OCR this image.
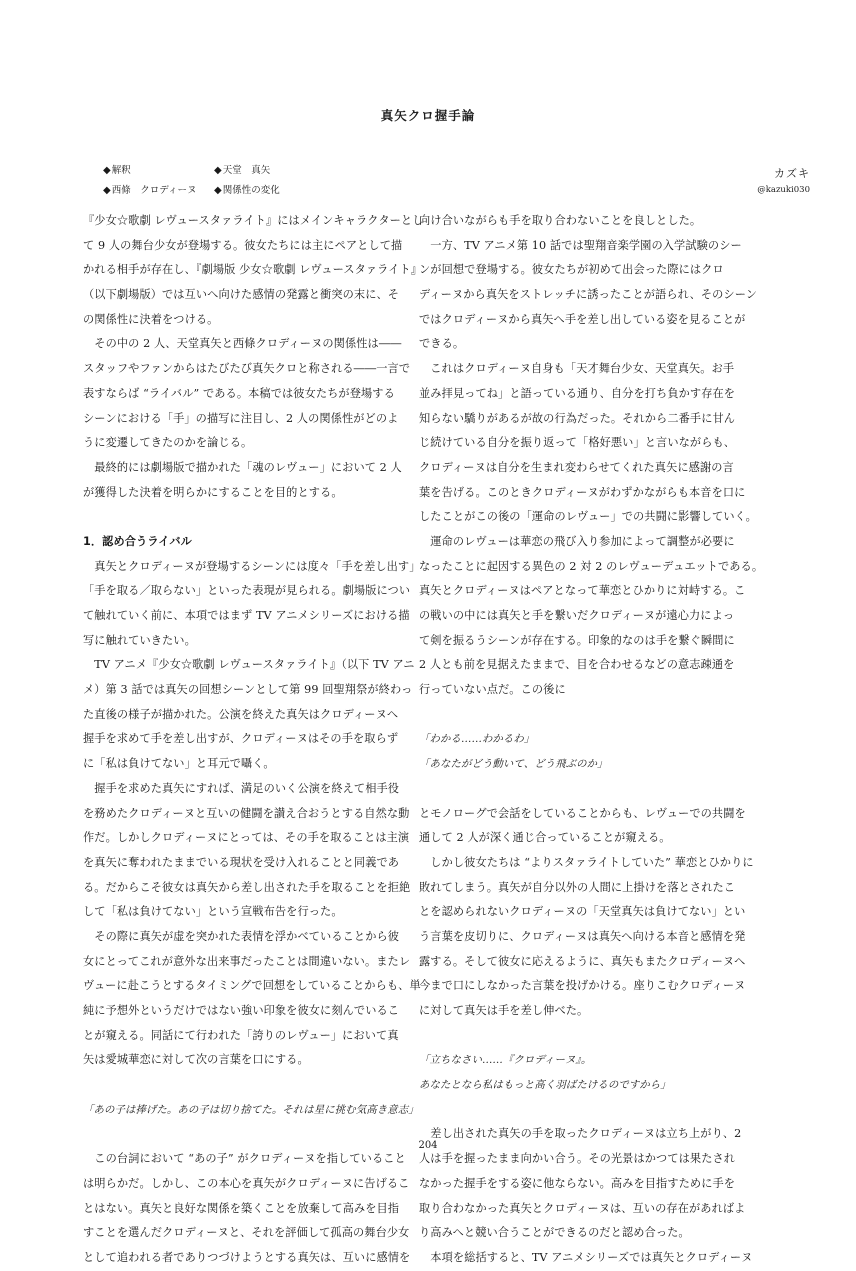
真矢クロ握手論
◆解釈	◆天堂　真矢
◆西條　クロディーヌ ◆関係性の変化
カズキ
@kazuki030
『少女☆歌劇 レヴュースタァライト』にはメインキャラクターとし
て 9 人の舞台少女が登場する。彼女たちには主にペアとして描
かれる相手が存在し、『劇場版 少女☆歌劇 レヴュースタァライト』
（以下劇場版）では互いへ向けた感情の発露と衝突の末に、そ
の関係性に決着をつける。
　その中の 2 人、天堂真矢と西條クロディーヌの関係性は――
スタッフやファンからはたびたび真矢クロと称される――一言で
表すならば “ライバル” である。本稿では彼女たちが登場する
シーンにおける「手」の描写に注目し、2 人の関係性がどのよ
うに変遷してきたのかを論じる。
　最終的には劇場版で描かれた「魂のレヴュー」において 2 人
が獲得した決着を明らかにすることを目的とする。
1．認め合うライバル
　真矢とクロディーヌが登場するシーンには度々「手を差し出す」
「手を取る／取らない」といった表現が見られる。劇場版につい
て触れていく前に、本項ではまず TV アニメシリーズにおける描
写に触れていきたい。
　TV アニメ『少女☆歌劇 レヴュースタァライト』（以下 TV アニ
メ）第 3 話では真矢の回想シーンとして第 99 回聖翔祭が終わっ
た直後の様子が描かれた。公演を終えた真矢はクロディーヌへ
握手を求めて手を差し出すが、クロディーヌはその手を取らず
に「私は負けてない」と耳元で囁く。
　握手を求めた真矢にすれば、満足のいく公演を終えて相手役
を務めたクロディーヌと互いの健闘を讃え合おうとする自然な動
作だ。しかしクロディーヌにとっては、その手を取ることは主演
を真矢に奪われたままでいる現状を受け入れることと同義であ
る。だからこそ彼女は真矢から差し出された手を取ることを拒絶
して「私は負けてない」という宣戦布告を行った。
　その際に真矢が虚を突かれた表情を浮かべていることから彼
女にとってこれが意外な出来事だったことは間違いない。またレ
ヴューに赴こうとするタイミングで回想をしていることからも、単
純に予想外というだけではない強い印象を彼女に刻んでいるこ
とが窺える。同話にて行われた「誇りのレヴュー」において真
矢は愛城華恋に対して次の言葉を口にする。
「あの子は捧げた。あの子は切り捨てた。それは星に挑む気高き意志」
　この台詞において “あの子” がクロディーヌを指していること
は明らかだ。しかし、この本心を真矢がクロディーヌに告げるこ
とはない。真矢と良好な関係を築くことを放棄して高みを目指
すことを選んだクロディーヌと、それを評価して孤高の舞台少女
として追われる者でありつづけようとする真矢は、互いに感情を
向け合いながらも手を取り合わないことを良しとした。
　一方、TV アニメ第 10 話では聖翔音楽学園の入学試験のシー
ンが回想で登場する。彼女たちが初めて出会った際にはクロ
ディーヌから真矢をストレッチに誘ったことが語られ、そのシーン
ではクロディーヌから真矢へ手を差し出している姿を見ることが
できる。
　これはクロディーヌ自身も「天才舞台少女、天堂真矢。お手
並み拝見ってね」と語っている通り、自分を打ち負かす存在を
知らない驕りがあるが故の行為だった。それから二番手に甘ん
じ続けている自分を振り返って「格好悪い」と言いながらも、
クロディーヌは自分を生まれ変わらせてくれた真矢に感謝の言
葉を告げる。このときクロディーヌがわずかながらも本音を口に
したことがこの後の「運命のレヴュー」での共闘に影響していく。
　運命のレヴューは華恋の飛び入り参加によって調整が必要に
なったことに起因する異色の 2 対 2 のレヴューデュエットである。
真矢とクロディーヌはペアとなって華恋とひかりに対峙する。こ
の戦いの中には真矢と手を繋いだクロディーヌが遠心力によっ
て剣を振るうシーンが存在する。印象的なのは手を繋ぐ瞬間に
2 人とも前を見据えたままで、目を合わせるなどの意志疎通を
行っていない点だ。この後に
「わかる……わかるわ」
「あなたがどう動いて、どう飛ぶのか」
とモノローグで会話をしていることからも、レヴューでの共闘を
通して 2 人が深く通じ合っていることが窺える。
　しかし彼女たちは “よりスタァライトしていた” 華恋とひかりに
敗れてしまう。真矢が自分以外の人間に上掛けを落とされたこ
とを認められないクロディーヌの「天堂真矢は負けてない」とい
う言葉を皮切りに、クロディーヌは真矢へ向ける本音と感情を発
露する。そして彼女に応えるように、真矢もまたクロディーヌへ
今まで口にしなかった言葉を投げかける。座りこむクロディーヌ
に対して真矢は手を差し伸べた。
「立ちなさい……『クロディーヌ』。
あなたとなら私はもっと高く羽ばたけるのですから」
　差し出された真矢の手を取ったクロディーヌは立ち上がり、2
人は手を握ったまま向かい合う。その光景はかつては果たされ
なかった握手をする姿に他ならない。高みを目指すために手を
取り合わなかった真矢とクロディーヌは、互いの存在があればよ
り高みへと競い合うことができるのだと認め合った。
　本項を総括すると、TV アニメシリーズでは真矢とクロディーヌ
204
